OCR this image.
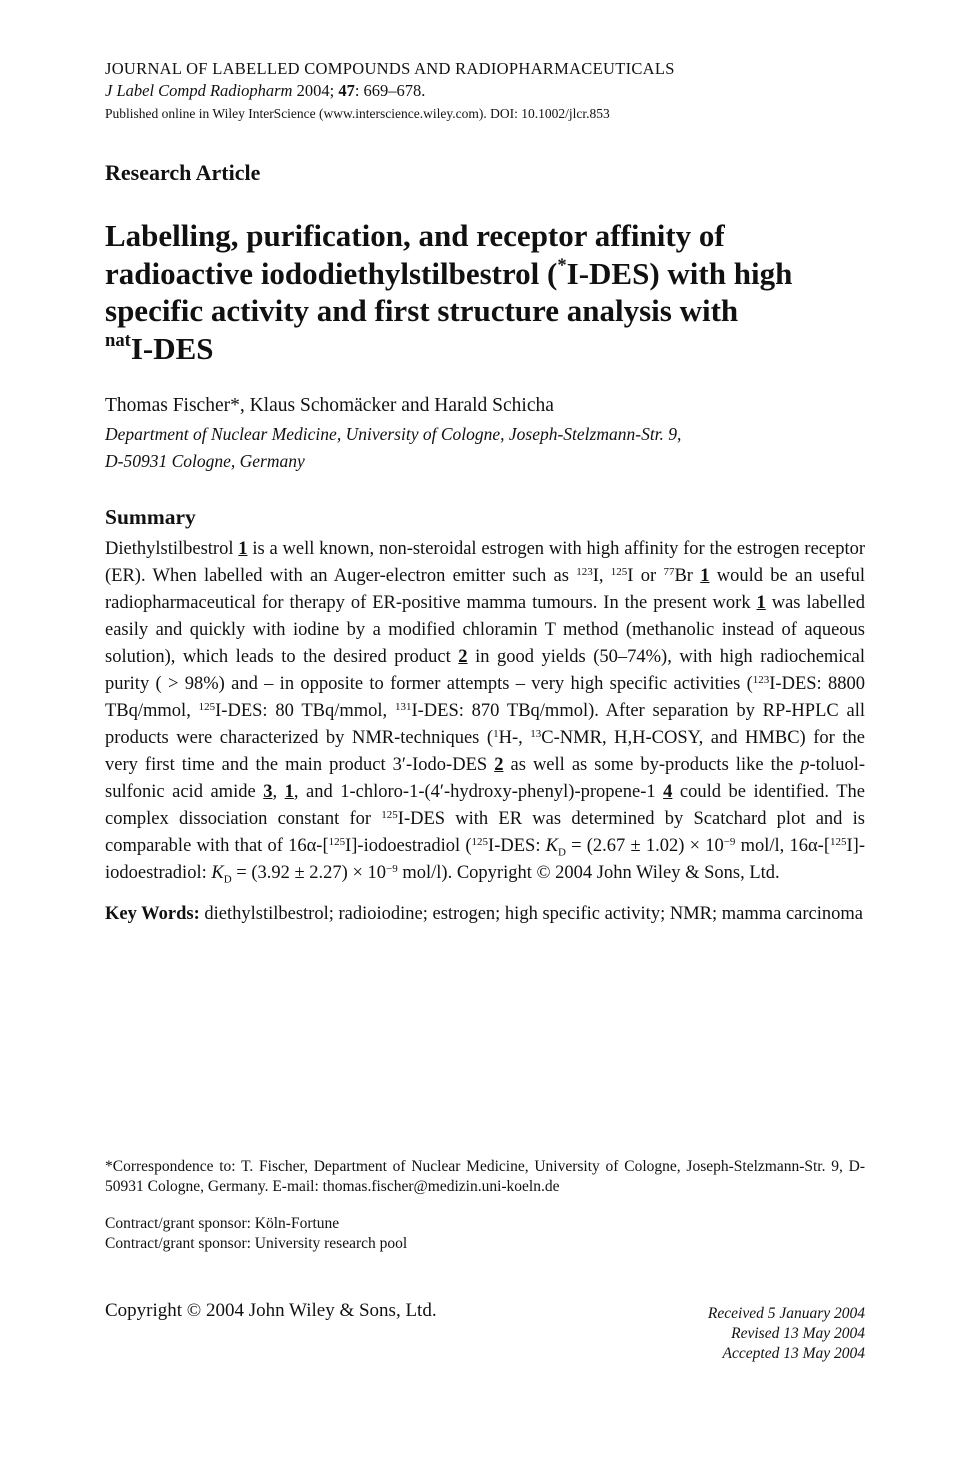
JOURNAL OF LABELLED COMPOUNDS AND RADIOPHARMACEUTICALS
J Label Compd Radiopharm 2004; 47: 669–678.
Published online in Wiley InterScience (www.interscience.wiley.com). DOI: 10.1002/jlcr.853
Research Article
Labelling, purification, and receptor affinity of
radioactive iododiethylstilbestrol (*I-DES) with high
specific activity and first structure analysis with
$^{nat}$I-DES
Thomas Fischer*, Klaus Schomäcker and Harald Schicha
Department of Nuclear Medicine, University of Cologne, Joseph-Stelzmann-Str. 9,
D-50931 Cologne, Germany
Summary
Diethylstilbestrol 1 is a well known, non-steroidal estrogen with high affinity for the estrogen receptor (ER). When labelled with an Auger-electron emitter such as $^{123}$I, $^{125}$I or $^{77}$Br 1 would be an useful radiopharmaceutical for therapy of ER-positive mamma tumours. In the present work 1 was labelled easily and quickly with iodine by a modified chloramin T method (methanolic instead of aqueous solution), which leads to the desired product 2 in good yields (50–74%), with high radiochemical purity ( > 98%) and – in opposite to former attempts – very high specific activities ($^{123}$I-DES: 8800 TBq/mmol, $^{125}$I-DES: 80 TBq/mmol, $^{131}$I-DES: 870 TBq/mmol). After separation by RP-HPLC all products were characterized by NMR-techniques ($^1$H-, $^{13}$C-NMR, H,H-COSY, and HMBC) for the very first time and the main product 3′-Iodo-DES 2 as well as some by-products like the p-toluol-sulfonic acid amide 3, 1, and 1-chloro-1-(4′-hydroxy-phenyl)-propene-1 4 could be identified. The complex dissociation constant for $^{125}$I-DES with ER was determined by Scatchard plot and is comparable with that of 16α-[$^{125}$I]-iodoestradiol ($^{125}$I-DES: $K_D = (2.67 \pm 1.02) \times 10^{-9}$ mol/l, 16α-[$^{125}$I]-iodoestradiol: $K_D = (3.92 \pm 2.27) \times 10^{-9}$ mol/l). Copyright © 2004 John Wiley & Sons, Ltd.
Key Words: diethylstilbestrol; radioiodine; estrogen; high specific activity; NMR; mamma carcinoma
*Correspondence to: T. Fischer, Department of Nuclear Medicine, University of Cologne, Joseph-Stelzmann-Str. 9, D-50931 Cologne, Germany. E-mail: thomas.fischer@medizin.uni-koeln.de
Contract/grant sponsor: Köln-Fortune
Contract/grant sponsor: University research pool
Copyright © 2004 John Wiley & Sons, Ltd.	Received 5 January 2004
Revised 13 May 2004
Accepted 13 May 2004
